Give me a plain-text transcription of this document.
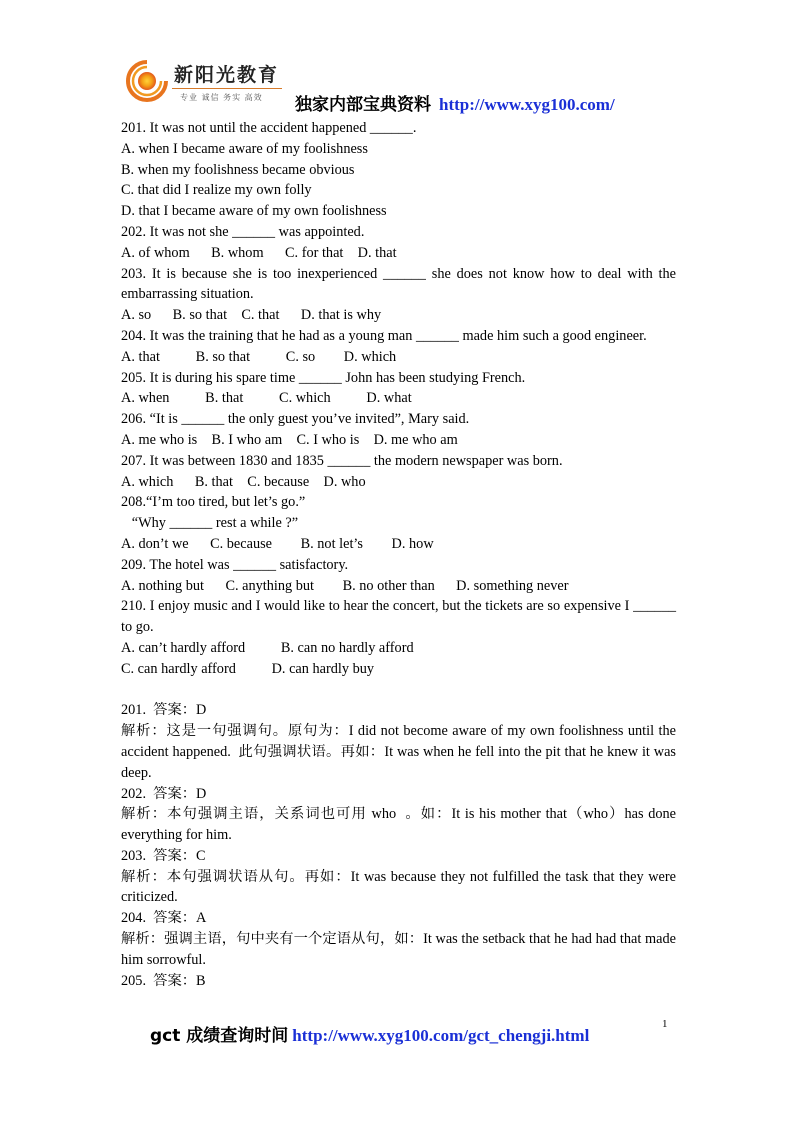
新阳光教育
专业 诚信 务实 高效 独家内部宝典资料 http://www.xyg100.com/

201. It was not until the accident happened ______.

A. when I became aware of my foolishness

B. when my foolishness became obvious

C. that did I realize my own folly

D. that I became aware of my own foolishness

202. It was not she ______ was appointed.

A. of whom      B. whom      C. for that    D. that

203. It is because she is too inexperienced ______ she does not know how to deal with the embarrassing situation.

A. so      B. so that    C. that      D. that is why

204. It was the training that he had as a young man ______ made him such a good engineer.

A. that          B. so that          C. so        D. which

205. It is during his spare time ______ John has been studying French.

A. when          B. that          C. which          D. what

206. “It is ______ the only guest you’ve invited”, Mary said.

A. me who is    B. I who am    C. I who is    D. me who am

207. It was between 1830 and 1835 ______ the modern newspaper was born.

A. which      B. that    C. because    D. who

208.“I’m too tired, but let’s go.”

“Why ______ rest a while ?”

A. don’t we      C. because        B. not let’s        D. how

209. The hotel was ______ satisfactory.

A. nothing but      C. anything but        B. no other than      D. something never

210. I enjoy music and I would like to hear the concert, but the tickets are so expensive I ______ to go.

A. can’t hardly afford          B. can no hardly afford

C. can hardly afford          D. can hardly buy

201.  答案：D

解析：这是一句强调句。原句为：I did not become aware of my own foolishness until the accident happened.  此句强调状语。再如：It was when he fell into the pit that he knew it was deep.

202.  答案：D

解析：本句强调主语，关系词也可用 who  。如：It is his mother that（who）has done everything for him.

203.  答案：C

解析：本句强调状语从句。再如：It was because they not fulfilled the task that they were criticized.

204.  答案：A

解析：强调主语，句中夹有一个定语从句，如：It was the setback that he had had that made him sorrowful.

205.  答案：B

gct 成绩查询时间 http://www.xyg100.com/gct_chengji.html
1
